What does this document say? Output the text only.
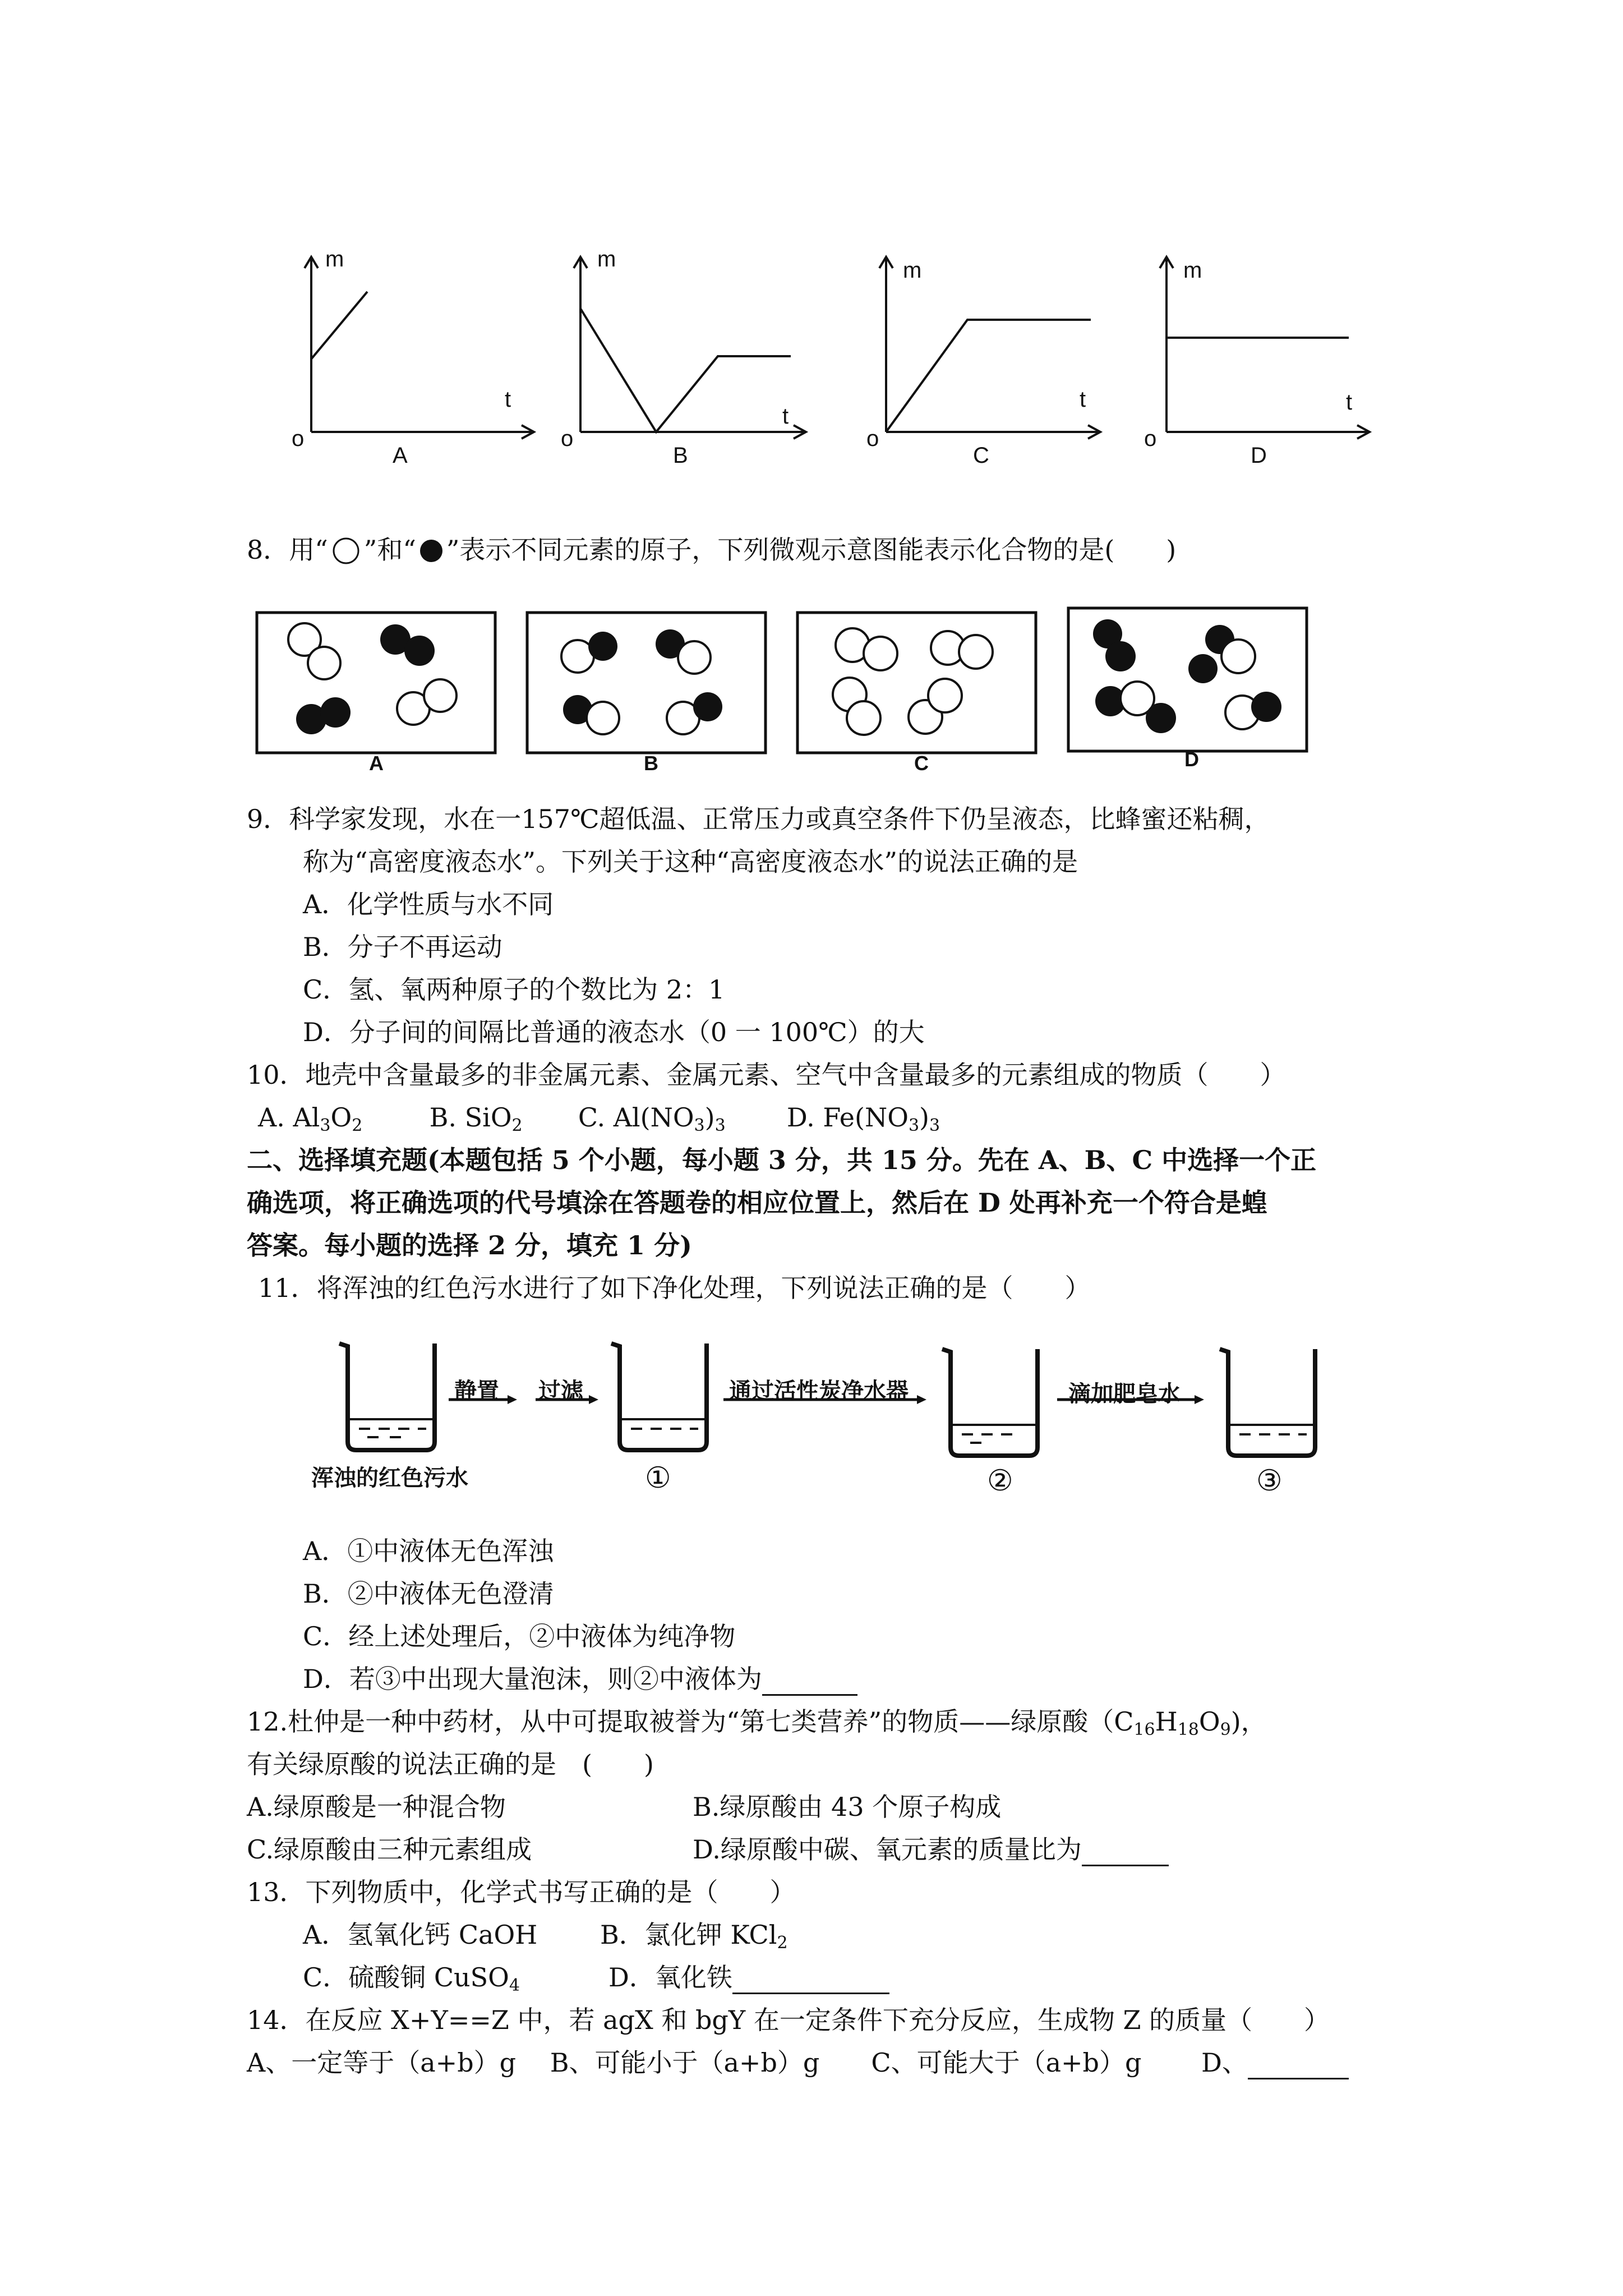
m
t
o
A
m
t
o
B
m
t
o
C
m
t
o
D
8．用“ ”和“ ”表示不同元素的原子，下列微观示意图能表示化合物的是(　　)
A	B	C	D
9．科学家发现，水在一157℃超低温、正常压力或真空条件下仍呈液态，比蜂蜜还粘稠，
称为“高密度液态水”。下列关于这种“高密度液态水”的说法正确的是
A．化学性质与水不同
B．分子不再运动
C．氢、氧两种原子的个数比为 2：1
D．分子间的间隔比普通的液态水（0 一 100℃）的大
10．地壳中含量最多的非金属元素、金属元素、空气中含量最多的元素组成的物质（　　）
A. $Al_3O_2$	B. SiO$_2$ C. $Al(NO_3)_3$ D. $Fe(NO_3)_3$
二、选择填充题(本题包括 5 个小题，每小题 3 分，共 15 分。先在 A、B、C 中选择一个正
确选项，将正确选项的代号填涂在答题卷的相应位置上，然后在 D 处再补充一个符合是蝗
答案。每小题的选择 2 分，填充 1 分)
11．将浑浊的红色污水进行了如下净化处理，下列说法正确的是（　　）
静置 过滤	通过活性炭净水器	滴加肥皂水
浑浊的红色污水	①	②	③
A．①中液体无色浑浊
B．②中液体无色澄清
C．经上述处理后，②中液体为纯净物
D．若③中出现大量泡沫，则②中液体为
12.杜仲是一种中药材，从中可提取被誉为“第七类营养”的物质——绿原酸$(C_{16}H_{18}O_9)$，
有关绿原酸的说法正确的是　(　　)
A.绿原酸是一种混合物	B.绿原酸由 43 个原子构成
C.绿原酸由三种元素组成	D.绿原酸中碳、氧元素的质量比为
13．下列物质中，化学式书写正确的是（　　）
A．氢氧化钙 CaOH B．氯化钾 KCl$_2$
C．硫酸铜 CuSO$_4$	D．氧化铁
14．在反应 X+Y==Z 中，若 agX 和 bgY 在一定条件下充分反应，生成物 Z 的质量（　　）
A、一定等于（a+b）g　 B、可能小于（a+b）g　　C、可能大于（a+b）g　　 D、
